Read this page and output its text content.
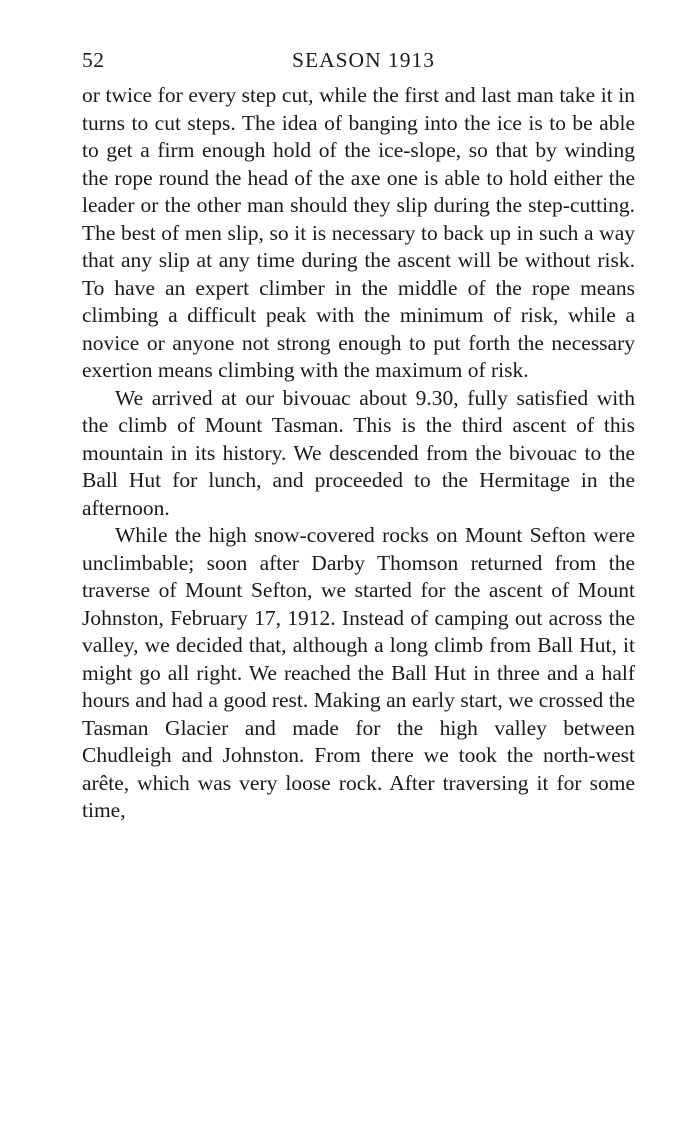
52	SEASON 1913

or twice for every step cut, while the first and last man take it in turns to cut steps. The idea of banging into the ice is to be able to get a firm enough hold of the ice-slope, so that by winding the rope round the head of the axe one is able to hold either the leader or the other man should they slip during the step-cutting. The best of men slip, so it is necessary to back up in such a way that any slip at any time during the ascent will be without risk. To have an expert climber in the middle of the rope means climbing a difficult peak with the minimum of risk, while a novice or anyone not strong enough to put forth the necessary exertion means climbing with the maximum of risk.

We arrived at our bivouac about 9.30, fully satisfied with the climb of Mount Tasman. This is the third ascent of this mountain in its history. We descended from the bivouac to the Ball Hut for lunch, and proceeded to the Hermitage in the afternoon.

While the high snow-covered rocks on Mount Sefton were unclimbable; soon after Darby Thomson returned from the traverse of Mount Sefton, we started for the ascent of Mount Johnston, February 17, 1912. Instead of camping out across the valley, we decided that, although a long climb from Ball Hut, it might go all right. We reached the Ball Hut in three and a half hours and had a good rest. Making an early start, we crossed the Tasman Glacier and made for the high valley between Chudleigh and Johnston. From there we took the north-west arête, which was very loose rock. After traversing it for some time,
